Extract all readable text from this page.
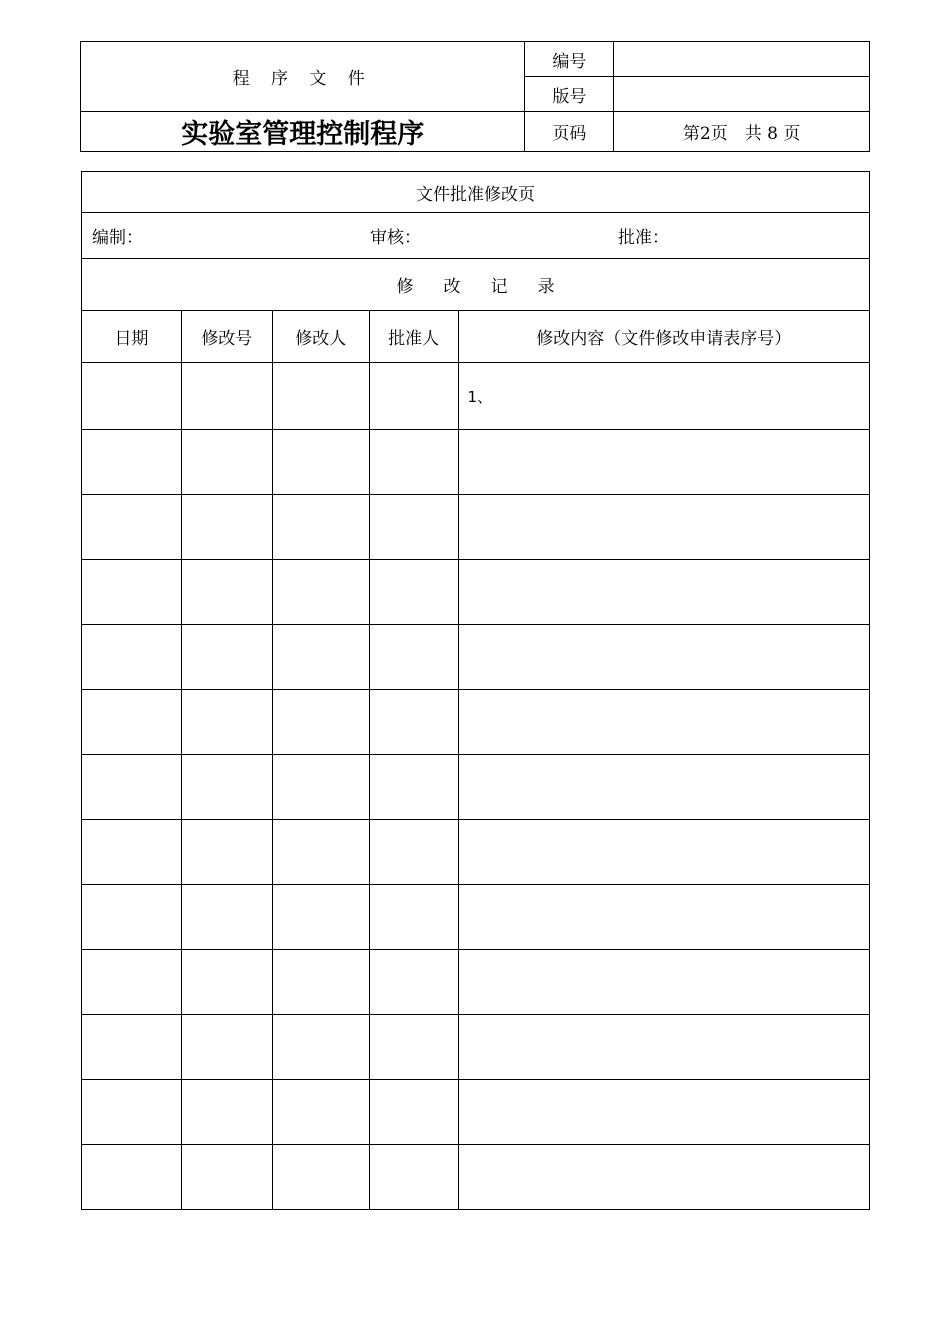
程 序 文 件	编号	
	版号	
实验室管理控制程序	页码	第2页　共 8 页
文件批准修改页				

编制： 审核： 批准：				

修改记录				
日期	修改号	修改人	批准人	修改内容（文件修改申请表序号）
				1、
